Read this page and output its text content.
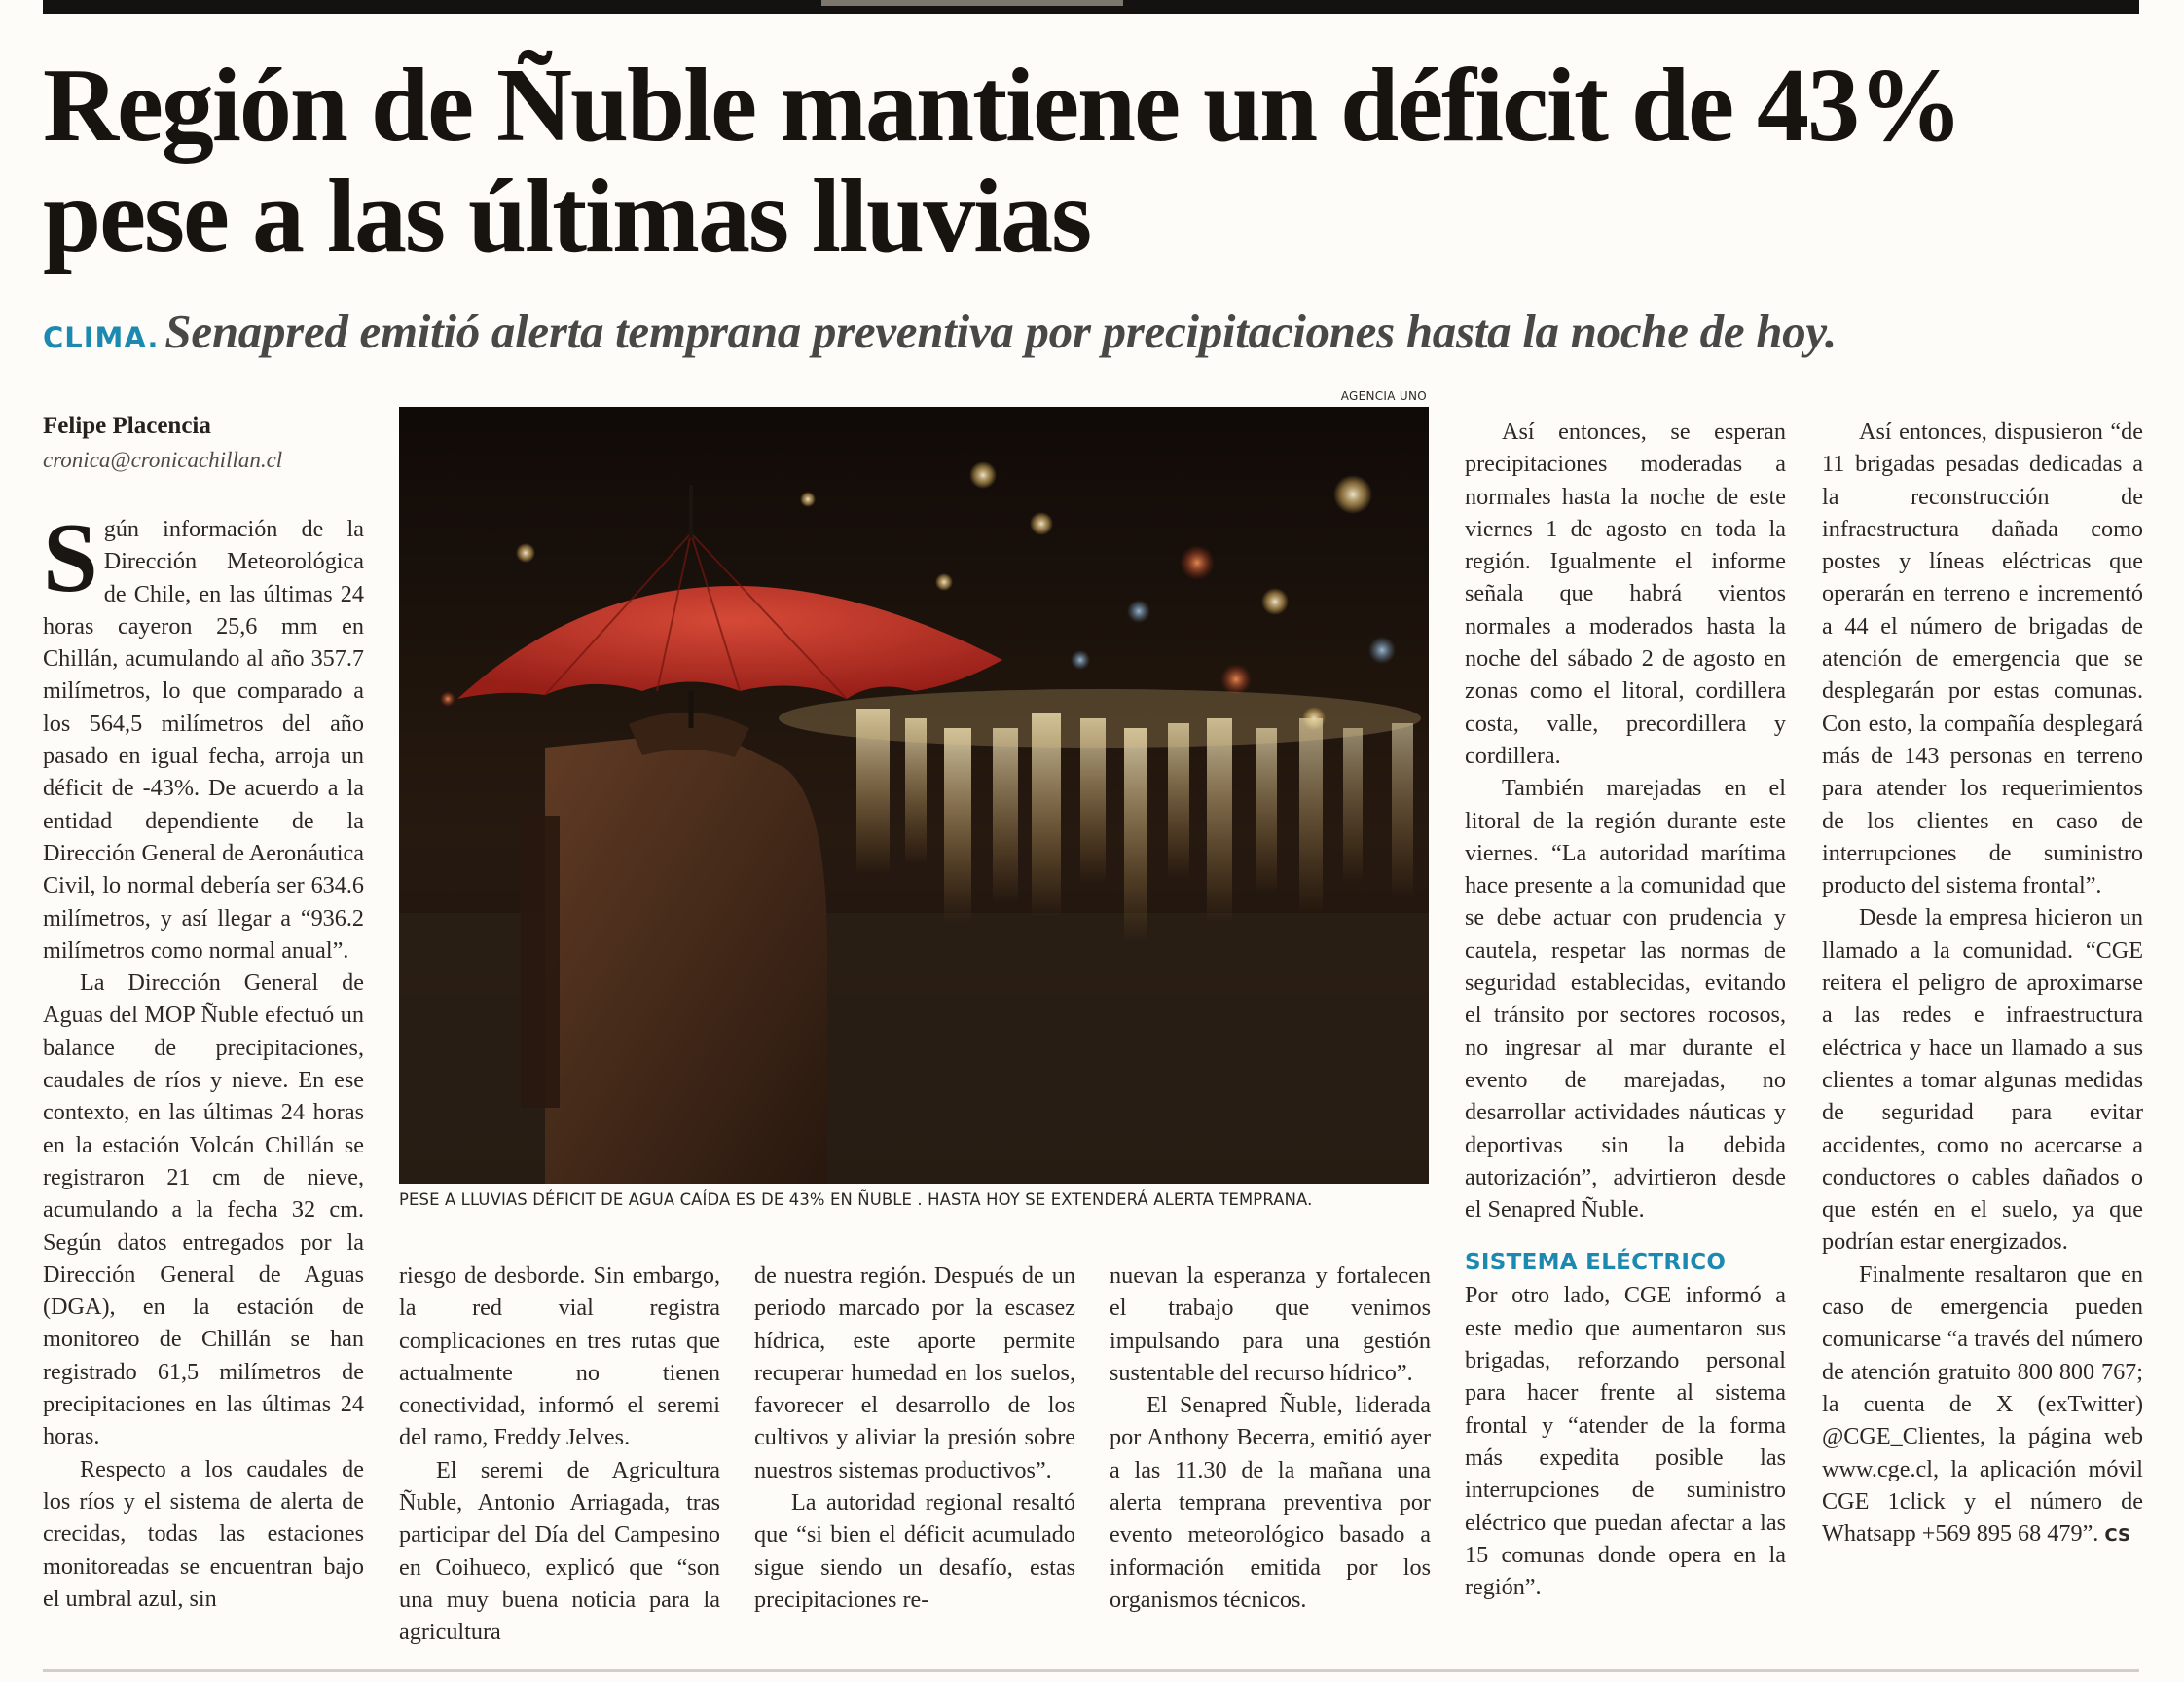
Región de Ñuble mantiene un déficit de 43% pese a las últimas lluvias
CLIMA. Senapred emitió alerta temprana preventiva por precipitaciones hasta la noche de hoy.
Felipe Placencia
cronica@cronicachillan.cl

Sgún información de la Dirección Meteorológica de Chile, en las últimas 24 horas cayeron 25,6 mm en Chillán, acumulando al año 357.7 milímetros, lo que comparado a los 564,5 milímetros del año pasado en igual fecha, arroja un déficit de -43%. De acuerdo a la entidad dependiente de la Dirección General de Aeronáutica Civil, lo normal debería ser 634.6 milímetros, y así llegar a “936.2 milímetros como normal anual”.

La Dirección General de Aguas del MOP Ñuble efectuó un balance de precipitaciones, caudales de ríos y nieve. En ese contexto, en las últimas 24 horas en la estación Volcán Chillán se registraron 21 cm de nieve, acumulando a la fecha 32 cm. Según datos entregados por la Dirección General de Aguas (DGA), en la estación de monitoreo de Chillán se han registrado 61,5 milímetros de precipitaciones en las últimas 24 horas.

Respecto a los caudales de los ríos y el sistema de alerta de crecidas, todas las estaciones monitoreadas se encuentran bajo el umbral azul, sin

AGENCIA UNO
PESE A LLUVIAS DÉFICIT DE AGUA CAÍDA ES DE 43% EN ÑUBLE . HASTA HOY SE EXTENDERÁ ALERTA TEMPRANA.

riesgo de desborde. Sin embargo, la red vial registra complicaciones en tres rutas que actualmente no tienen conectividad, informó el seremi del ramo, Freddy Jelves.

El seremi de Agricultura Ñuble, Antonio Arriagada, tras participar del Día del Campesino en Coihueco, explicó que “son una muy buena noticia para la agricultura

de nuestra región. Después de un periodo marcado por la escasez hídrica, este aporte permite recuperar humedad en los suelos, favorecer el desarrollo de los cultivos y aliviar la presión sobre nuestros sistemas productivos”.

La autoridad regional resaltó que “si bien el déficit acumulado sigue siendo un desafío, estas precipitaciones re-

nuevan la esperanza y fortalecen el trabajo que venimos impulsando para una gestión sustentable del recurso hídrico”.

El Senapred Ñuble, liderada por Anthony Becerra, emitió ayer a las 11.30 de la mañana una alerta temprana preventiva por evento meteorológico basado a información emitida por los organismos técnicos.

Así entonces, se esperan precipitaciones moderadas a normales hasta la noche de este viernes 1 de agosto en toda la región. Igualmente el informe señala que habrá vientos normales a moderados hasta la noche del sábado 2 de agosto en zonas como el litoral, cordillera costa, valle, precordillera y cordillera.

También marejadas en el litoral de la región durante este viernes. “La autoridad marítima hace presente a la comunidad que se debe actuar con prudencia y cautela, respetar las normas de seguridad establecidas, evitando el tránsito por sectores rocosos, no ingresar al mar durante el evento de marejadas, no desarrollar actividades náuticas y deportivas sin la debida autorización”, advirtieron desde el Senapred Ñuble.

SISTEMA ELÉCTRICO

Por otro lado, CGE informó a este medio que aumentaron sus brigadas, reforzando personal para hacer frente al sistema frontal y “atender de la forma más expedita posible las interrupciones de suministro eléctrico que puedan afectar a las 15 comunas donde opera en la región”.

Así entonces, dispusieron “de 11 brigadas pesadas dedicadas a la reconstrucción de infraestructura dañada como postes y líneas eléctricas que operarán en terreno e incrementó a 44 el número de brigadas de atención de emergencia que se desplegarán por estas comunas. Con esto, la compañía desplegará más de 143 personas en terreno para atender los requerimientos de los clientes en caso de interrupciones de suministro producto del sistema frontal”.

Desde la empresa hicieron un llamado a la comunidad. “CGE reitera el peligro de aproximarse a las redes e infraestructura eléctrica y hace un llamado a sus clientes a tomar algunas medidas de seguridad para evitar accidentes, como no acercarse a conductores o cables dañados o que estén en el suelo, ya que podrían estar energizados.

Finalmente resaltaron que en caso de emergencia pueden comunicarse “a través del número de atención gratuito 800 800 767; la cuenta de X (exTwitter) @CGE_Clientes, la página web www.cge.cl, la aplicación móvil CGE 1click y el número de Whatsapp +569 895 68 479”. CS
